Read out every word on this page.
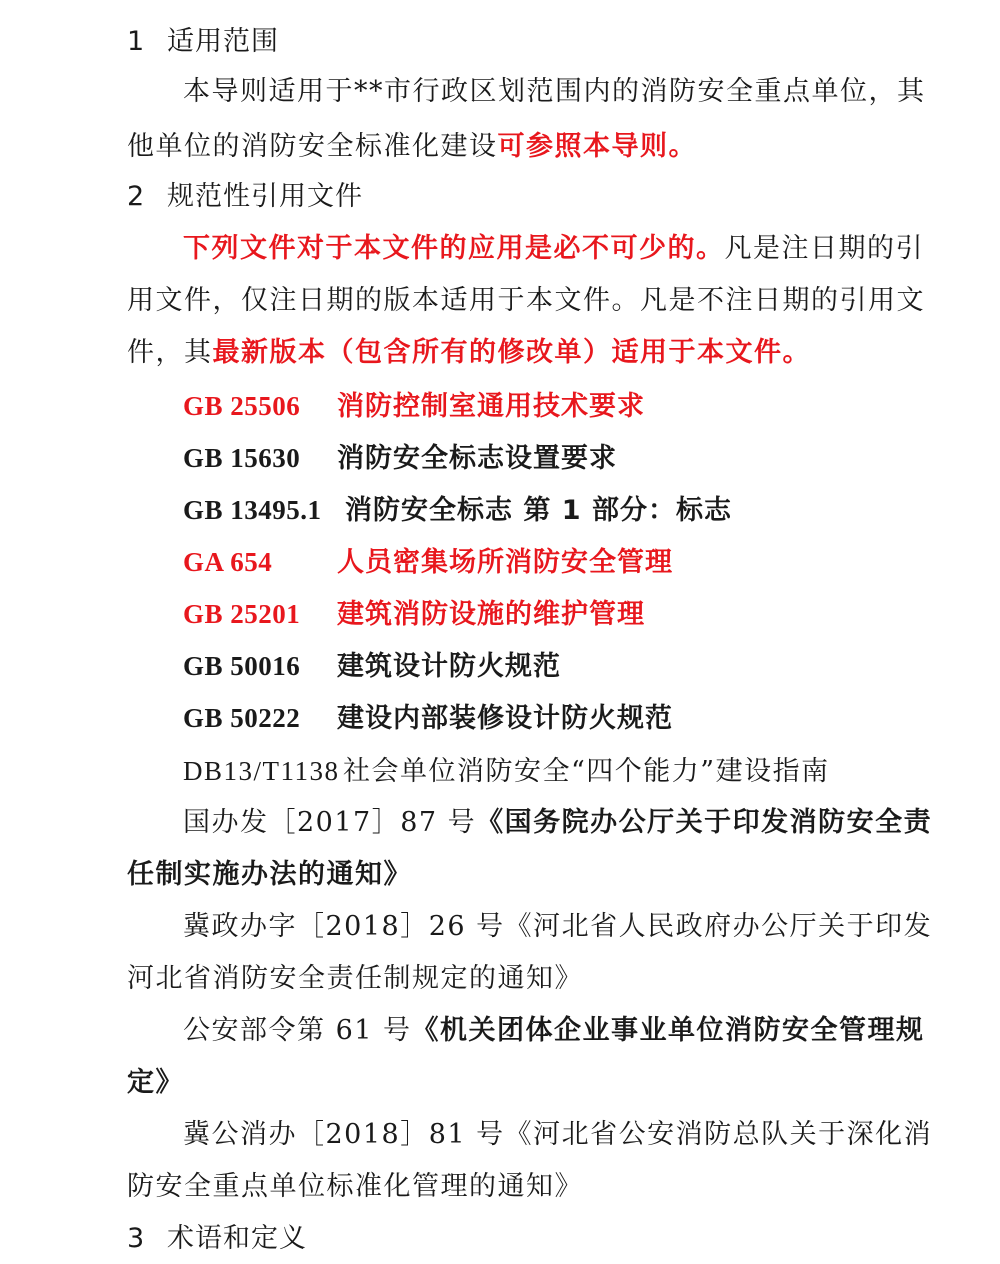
1 适用范围
本导则适用于**市行政区划范围内的消防安全重点单位，其
他单位的消防安全标准化建设可参照本导则。
2 规范性引用文件
下列文件对于本文件的应用是必不可少的。凡是注日期的引
用文件，仅注日期的版本适用于本文件。凡是不注日期的引用文
件，其最新版本（包含所有的修改单）适用于本文件。
GB 25506 消防控制室通用技术要求
GB 15630 消防安全标志设置要求
GB 13495.1 消防安全标志 第 1 部分：标志
GA 654 人员密集场所消防安全管理
GB 25201 建筑消防设施的维护管理
GB 50016 建筑设计防火规范
GB 50222 建设内部装修设计防火规范
DB13/T1138 社会单位消防安全“四个能力”建设指南
国办发［2017］87 号《国务院办公厅关于印发消防安全责
任制实施办法的通知》
冀政办字［2018］26 号《河北省人民政府办公厅关于印发
河北省消防安全责任制规定的通知》
公安部令第 61 号《机关团体企业事业单位消防安全管理规
定》
冀公消办［2018］81 号《河北省公安消防总队关于深化消
防安全重点单位标准化管理的通知》
3 术语和定义
